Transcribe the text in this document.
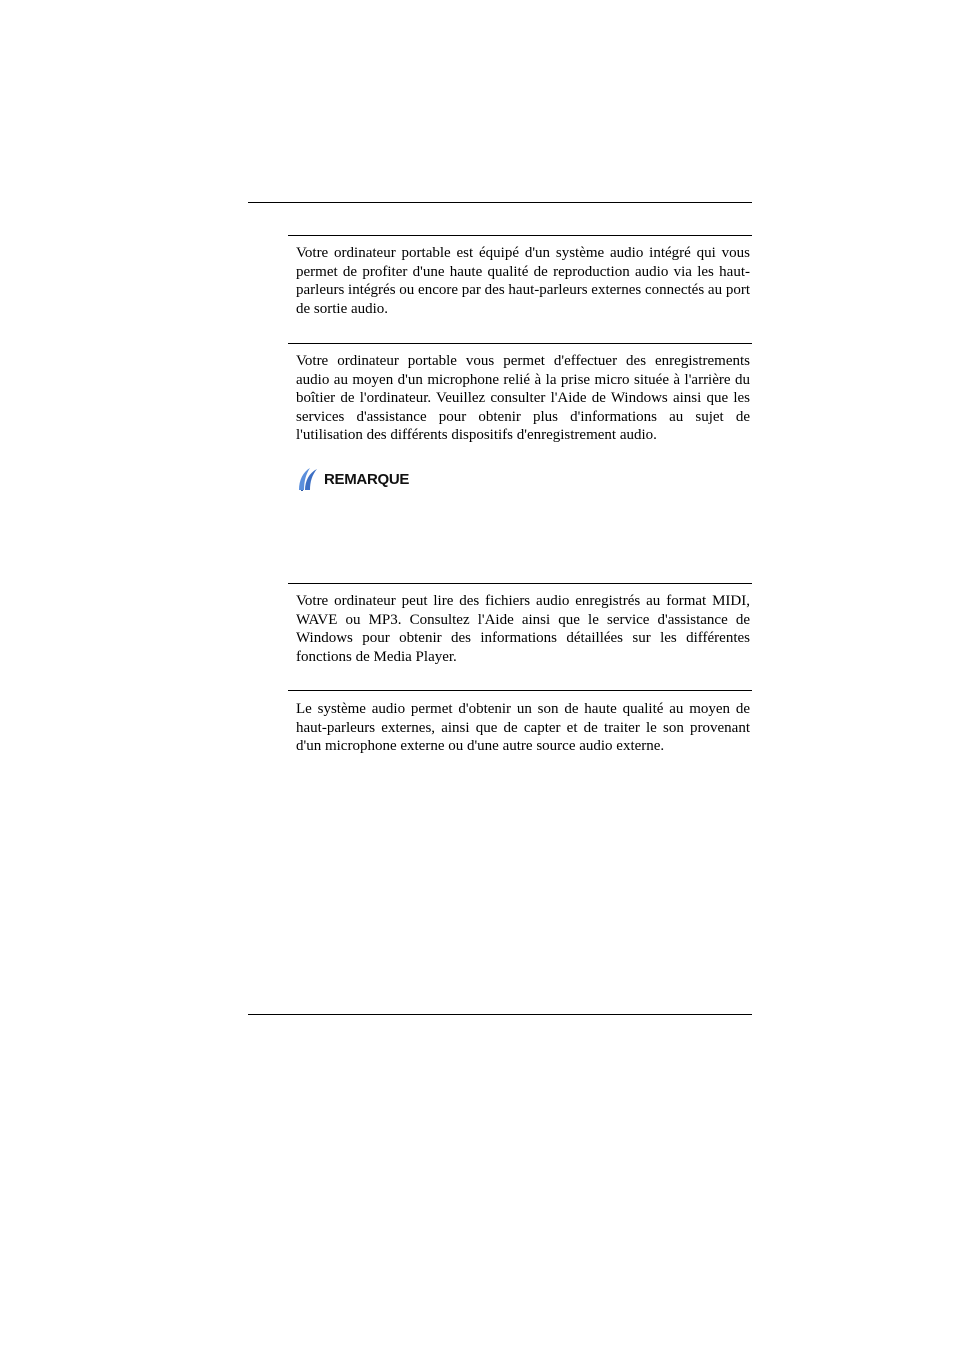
Votre ordinateur portable est équipé d'un système audio intégré qui vous permet de profiter d'une haute qualité de reproduction audio via les haut-parleurs intégrés ou encore par des haut-parleurs externes connectés au port de sortie audio.

Votre ordinateur portable vous permet d'effectuer des enregistrements audio au moyen d'un microphone relié à la prise micro située à l'arrière du boîtier de l'ordinateur. Veuillez consulter l'Aide de Windows ainsi que les services d'assistance pour obtenir plus d'informations au sujet de l'utilisation des différents dispositifs d'enregistrement audio.

REMARQUE

Votre ordinateur peut lire des fichiers audio enregistrés au format MIDI, WAVE ou MP3. Consultez l'Aide ainsi que le service d'assistance de Windows pour obtenir des informations détaillées sur les différentes fonctions de Media Player.

Le système audio permet d'obtenir un son de haute qualité au moyen de haut-parleurs externes, ainsi que de capter et de traiter le son provenant d'un microphone externe ou d'une autre source audio externe.
